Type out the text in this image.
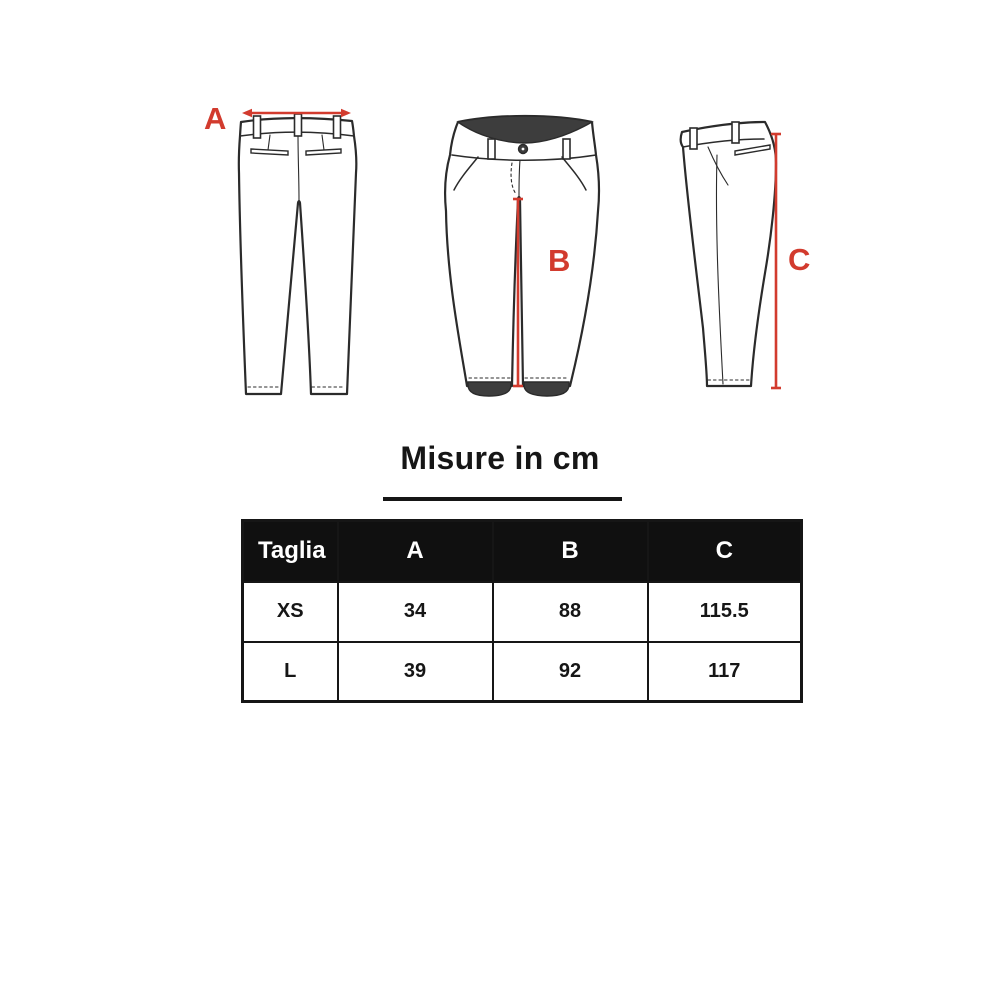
A
B	C
Misure in cm
Taglia	A	B	C
XS	34	88	115.5
L	39	92	117
